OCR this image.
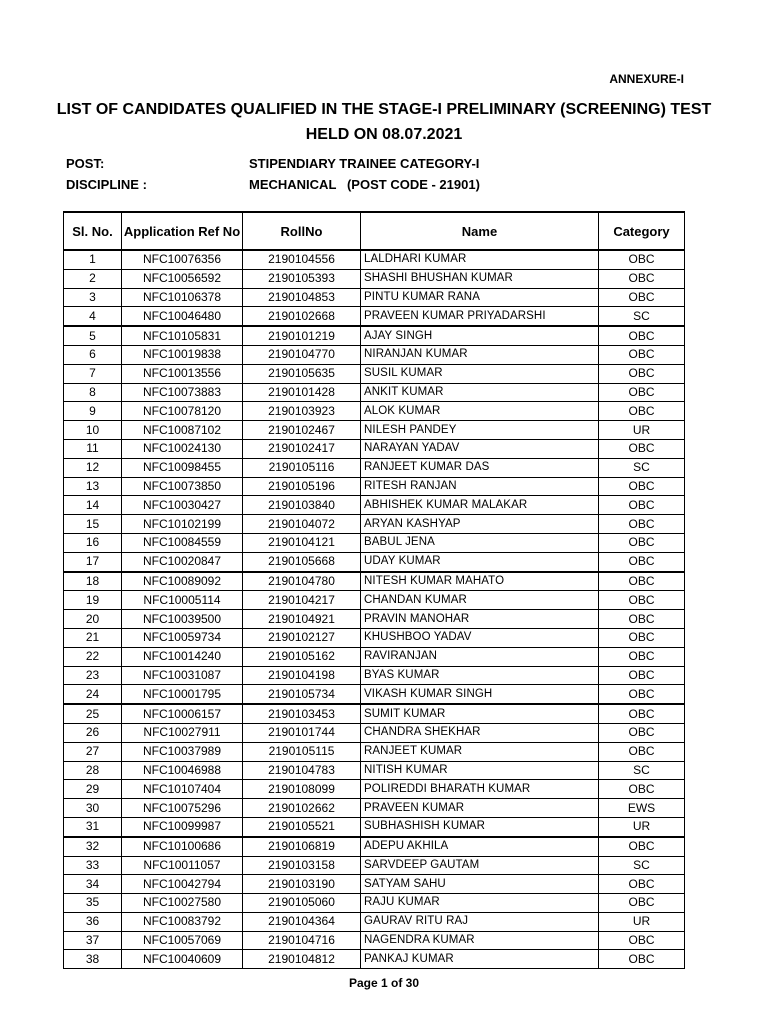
ANNEXURE-I
LIST OF CANDIDATES QUALIFIED IN THE STAGE-I PRELIMINARY (SCREENING) TEST
HELD ON 08.07.2021
POST:	STIPENDIARY TRAINEE CATEGORY-I
DISCIPLINE :	MECHANICAL   (POST CODE - 21901)
Sl. No.	Application Ref No	RollNo	Name	Category
1	NFC10076356	2190104556	LALDHARI KUMAR	OBC
2	NFC10056592	2190105393	SHASHI BHUSHAN KUMAR	OBC
3	NFC10106378	2190104853	PINTU KUMAR RANA	OBC
4	NFC10046480	2190102668	PRAVEEN KUMAR PRIYADARSHI	SC
5	NFC10105831	2190101219	AJAY SINGH	OBC
6	NFC10019838	2190104770	NIRANJAN KUMAR	OBC
7	NFC10013556	2190105635	SUSIL KUMAR	OBC
8	NFC10073883	2190101428	ANKIT KUMAR	OBC
9	NFC10078120	2190103923	ALOK KUMAR	OBC
10	NFC10087102	2190102467	NILESH PANDEY	UR
11	NFC10024130	2190102417	NARAYAN YADAV	OBC
12	NFC10098455	2190105116	RANJEET KUMAR DAS	SC
13	NFC10073850	2190105196	RITESH RANJAN	OBC
14	NFC10030427	2190103840	ABHISHEK KUMAR MALAKAR	OBC
15	NFC10102199	2190104072	ARYAN KASHYAP	OBC
16	NFC10084559	2190104121	BABUL JENA	OBC
17	NFC10020847	2190105668	UDAY KUMAR	OBC
18	NFC10089092	2190104780	NITESH KUMAR MAHATO	OBC
19	NFC10005114	2190104217	CHANDAN KUMAR	OBC
20	NFC10039500	2190104921	PRAVIN MANOHAR	OBC
21	NFC10059734	2190102127	KHUSHBOO YADAV	OBC
22	NFC10014240	2190105162	RAVIRANJAN	OBC
23	NFC10031087	2190104198	BYAS KUMAR	OBC
24	NFC10001795	2190105734	VIKASH KUMAR SINGH	OBC
25	NFC10006157	2190103453	SUMIT KUMAR	OBC
26	NFC10027911	2190101744	CHANDRA SHEKHAR	OBC
27	NFC10037989	2190105115	RANJEET KUMAR	OBC
28	NFC10046988	2190104783	NITISH KUMAR	SC
29	NFC10107404	2190108099	POLIREDDI BHARATH KUMAR	OBC
30	NFC10075296	2190102662	PRAVEEN KUMAR	EWS
31	NFC10099987	2190105521	SUBHASHISH KUMAR	UR
32	NFC10100686	2190106819	ADEPU AKHILA	OBC
33	NFC10011057	2190103158	SARVDEEP GAUTAM	SC
34	NFC10042794	2190103190	SATYAM SAHU	OBC
35	NFC10027580	2190105060	RAJU KUMAR	OBC
36	NFC10083792	2190104364	GAURAV RITU RAJ	UR
37	NFC10057069	2190104716	NAGENDRA KUMAR	OBC
38	NFC10040609	2190104812	PANKAJ KUMAR	OBC
Page 1 of 30
